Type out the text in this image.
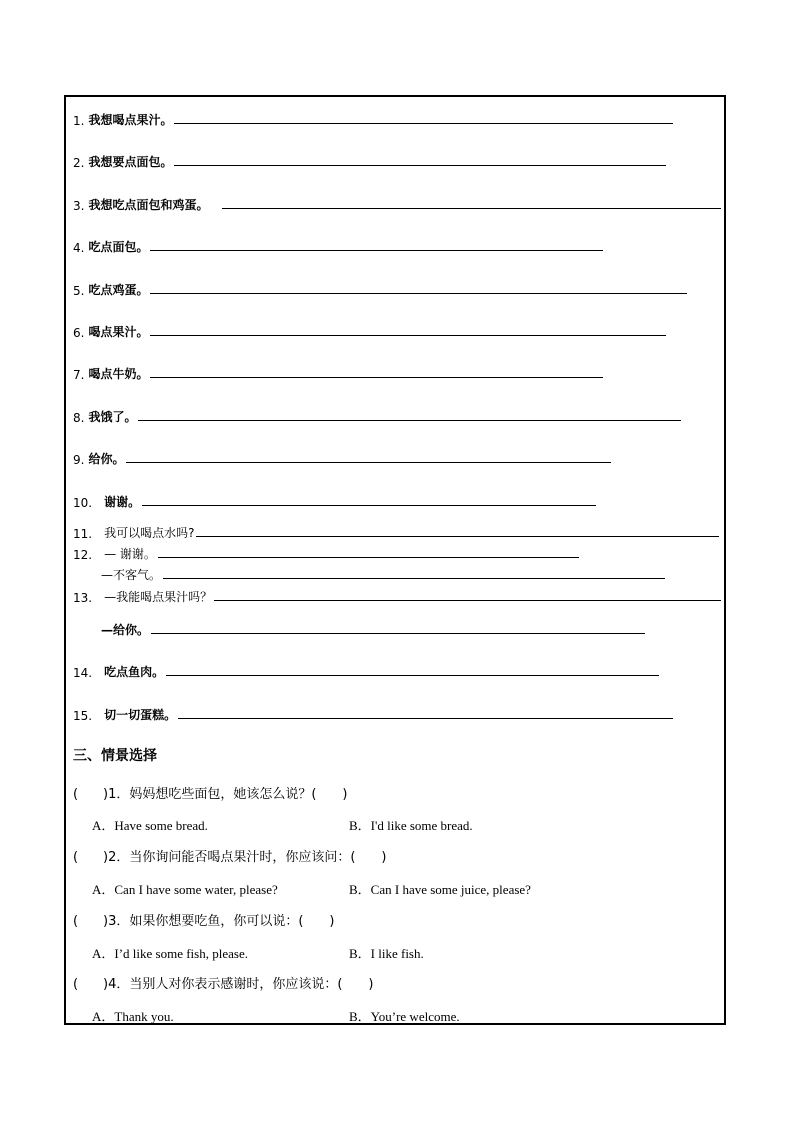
1. 我想喝点果汁。
2. 我想要点面包。
3. 我想吃点面包和鸡蛋。
4. 吃点面包。
5. 吃点鸡蛋。
6. 喝点果汁。
7. 喝点牛奶。
8. 我饿了。
9. 给你。
10. 谢谢。
11. 我可以喝点水吗?
12. — 谢谢。
—不客气。
13. —我能喝点果汁吗？
—给你。
14. 吃点鱼肉。
15. 切一切蛋糕。
三、情景选择
( )1．妈妈想吃些面包，她该怎么说？(　　)
A．Have some bread.	B．I'd like some bread.
( )2．当你询问能否喝点果汁时，你应该问：(　　)
A．Can I have some water, please?	B．Can I have some juice, please?
( )3．如果你想要吃鱼，你可以说：(　　)
A．I’d like some fish, please.	B．I like fish.
( )4．当别人对你表示感谢时，你应该说：(　　)
A．Thank you.	B．You’re welcome.
